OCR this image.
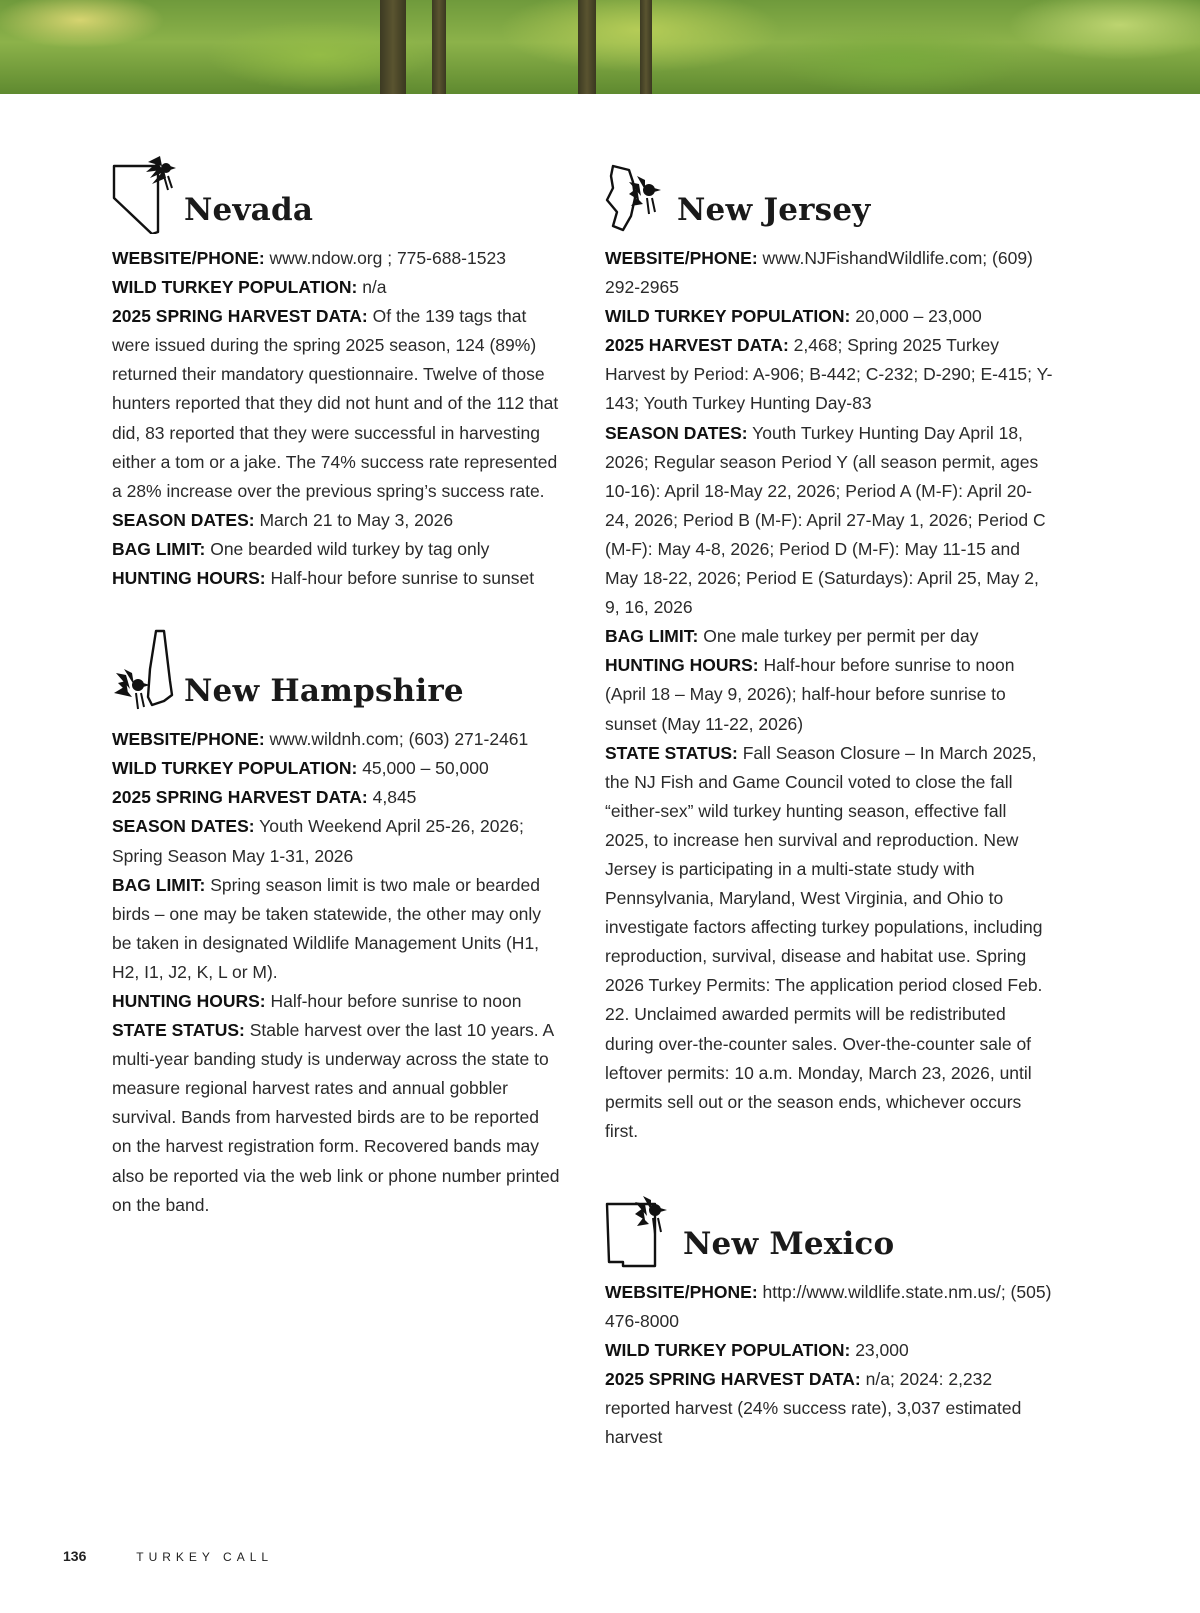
Nevada

WEBSITE/PHONE: www.ndow.org ; 775-688-1523

WILD TURKEY POPULATION: n/a

2025 SPRING HARVEST DATA: Of the 139 tags that were issued during the spring 2025 season, 124 (89%) returned their mandatory questionnaire. Twelve of those hunters reported that they did not hunt and of the 112 that did, 83 reported that they were successful in harvesting either a tom or a jake. The 74% success rate represented a 28% increase over the previous spring’s success rate.

SEASON DATES: March 21 to May 3, 2026

BAG LIMIT: One bearded wild turkey by tag only

HUNTING HOURS: Half-hour before sunrise to sunset

New Hampshire

WEBSITE/PHONE: www.wildnh.com; (603) 271-2461

WILD TURKEY POPULATION: 45,000 – 50,000

2025 SPRING HARVEST DATA: 4,845

SEASON DATES: Youth Weekend April 25-26, 2026; Spring Season May 1-31, 2026

BAG LIMIT: Spring season limit is two male or bearded birds – one may be taken statewide, the other may only be taken in designated Wildlife Management Units (H1, H2, I1, J2, K, L or M).

HUNTING HOURS: Half-hour before sunrise to noon

STATE STATUS: Stable harvest over the last 10 years. A multi-year banding study is underway across the state to measure regional harvest rates and annual gobbler survival. Bands from harvested birds are to be reported on the harvest registration form. Recovered bands may also be reported via the web link or phone number printed on the band.

New Jersey

WEBSITE/PHONE: www.NJFishandWildlife.com; (609) 292-2965

WILD TURKEY POPULATION: 20,000 – 23,000

2025 HARVEST DATA: 2,468; Spring 2025 Turkey Harvest by Period: A-906; B-442; C-232; D-290; E-415; Y-143; Youth Turkey Hunting Day-83

SEASON DATES: Youth Turkey Hunting Day April 18, 2026; Regular season Period Y (all season permit, ages 10-16): April 18-May 22, 2026; Period A (M-F): April 20-24, 2026; Period B (M-F): April 27-May 1, 2026; Period C (M-F): May 4-8, 2026; Period D (M-F): May 11-15 and May 18-22, 2026; Period E (Saturdays): April 25, May 2, 9, 16, 2026

BAG LIMIT: One male turkey per permit per day

HUNTING HOURS: Half-hour before sunrise to noon (April 18 – May 9, 2026); half-hour before sunrise to sunset (May 11-22, 2026)

STATE STATUS: Fall Season Closure – In March 2025, the NJ Fish and Game Council voted to close the fall “either-sex” wild turkey hunting season, effective fall 2025, to increase hen survival and reproduction. New Jersey is participating in a multi-state study with Pennsylvania, Maryland, West Virginia, and Ohio to investigate factors affecting turkey populations, including reproduction, survival, disease and habitat use. Spring 2026 Turkey Permits: The application period closed Feb. 22. Unclaimed awarded permits will be redistributed during over-the-counter sales. Over-the-counter sale of leftover permits: 10 a.m. Monday, March 23, 2026, until permits sell out or the season ends, whichever occurs first.

New Mexico

WEBSITE/PHONE: http://www.wildlife.state.nm.us/; (505) 476-8000

WILD TURKEY POPULATION: 23,000

2025 SPRING HARVEST DATA: n/a; 2024: 2,232 reported harvest (24% success rate), 3,037 estimated harvest

136	TURKEY CALL
